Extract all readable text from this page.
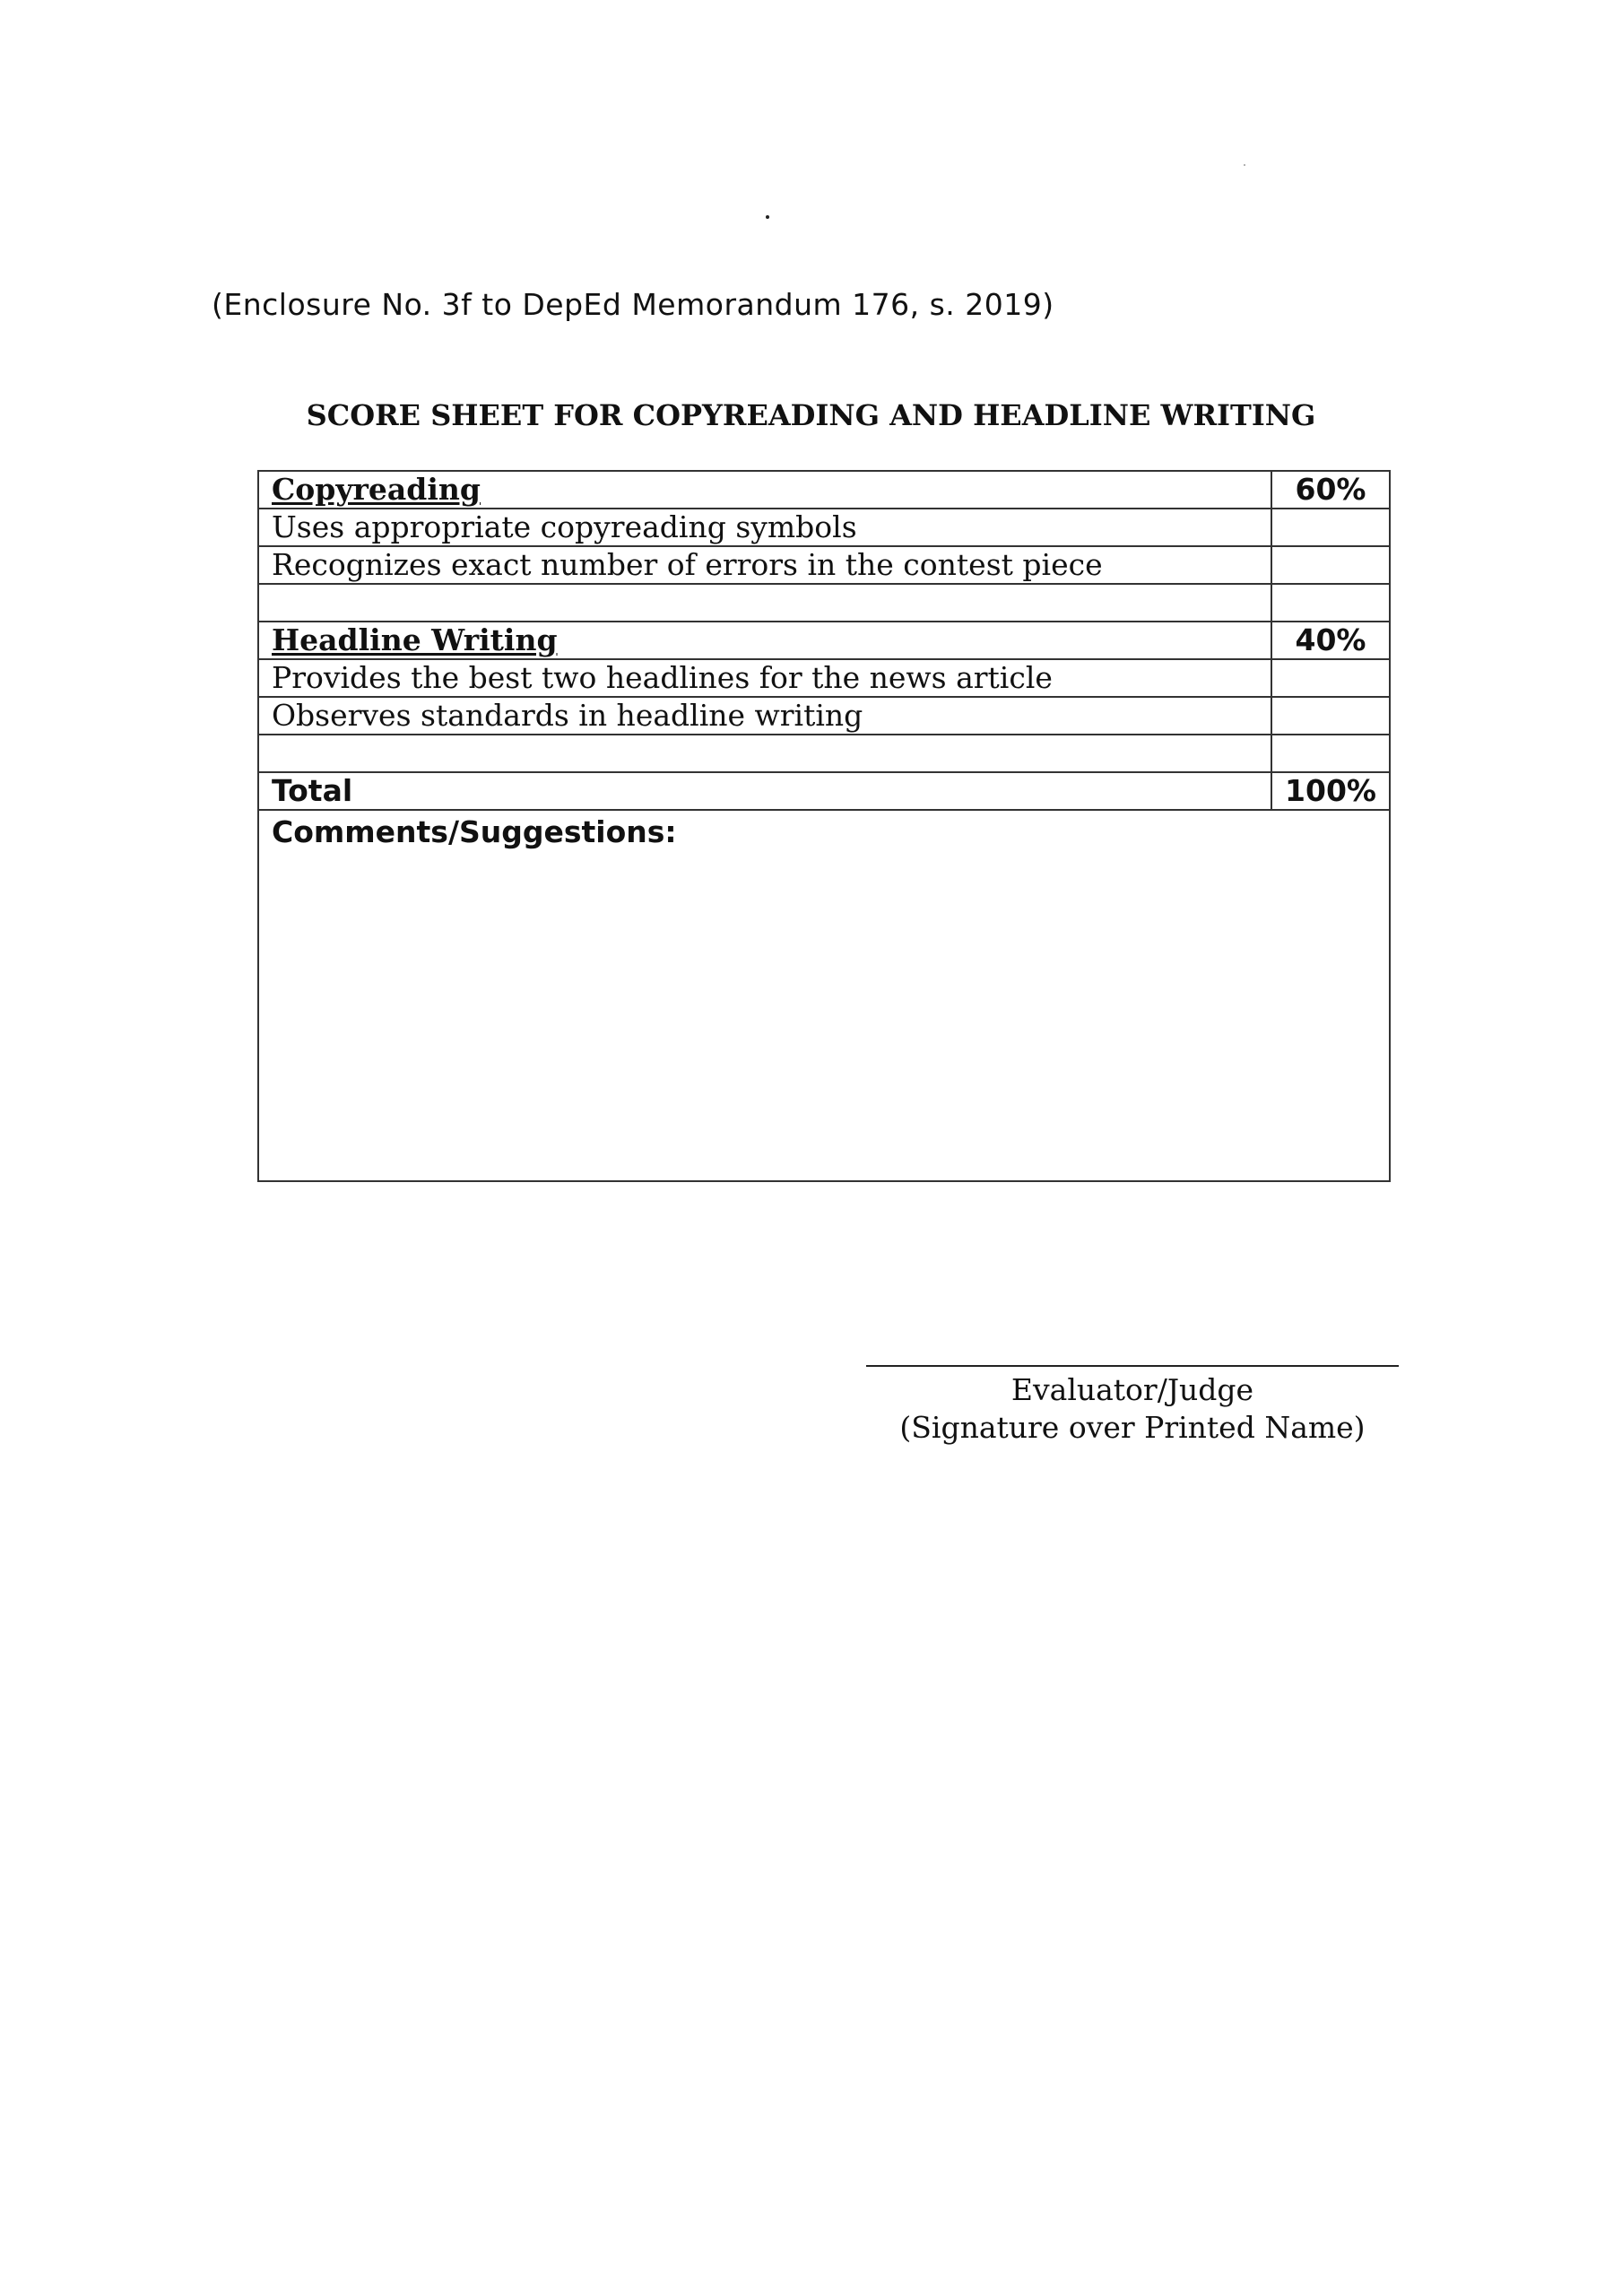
(Enclosure No. 3f to DepEd Memorandum 176, s. 2019)
SCORE SHEET FOR COPYREADING AND HEADLINE WRITING
Copyreading	60%
Uses appropriate copyreading symbols	
Recognizes exact number of errors in the contest piece	

Headline Writing	40%
Provides the best two headlines for the news article	
Observes standards in headline writing	

Total	100%
Comments/Suggestions:	
Evaluator/Judge
(Signature over Printed Name)
